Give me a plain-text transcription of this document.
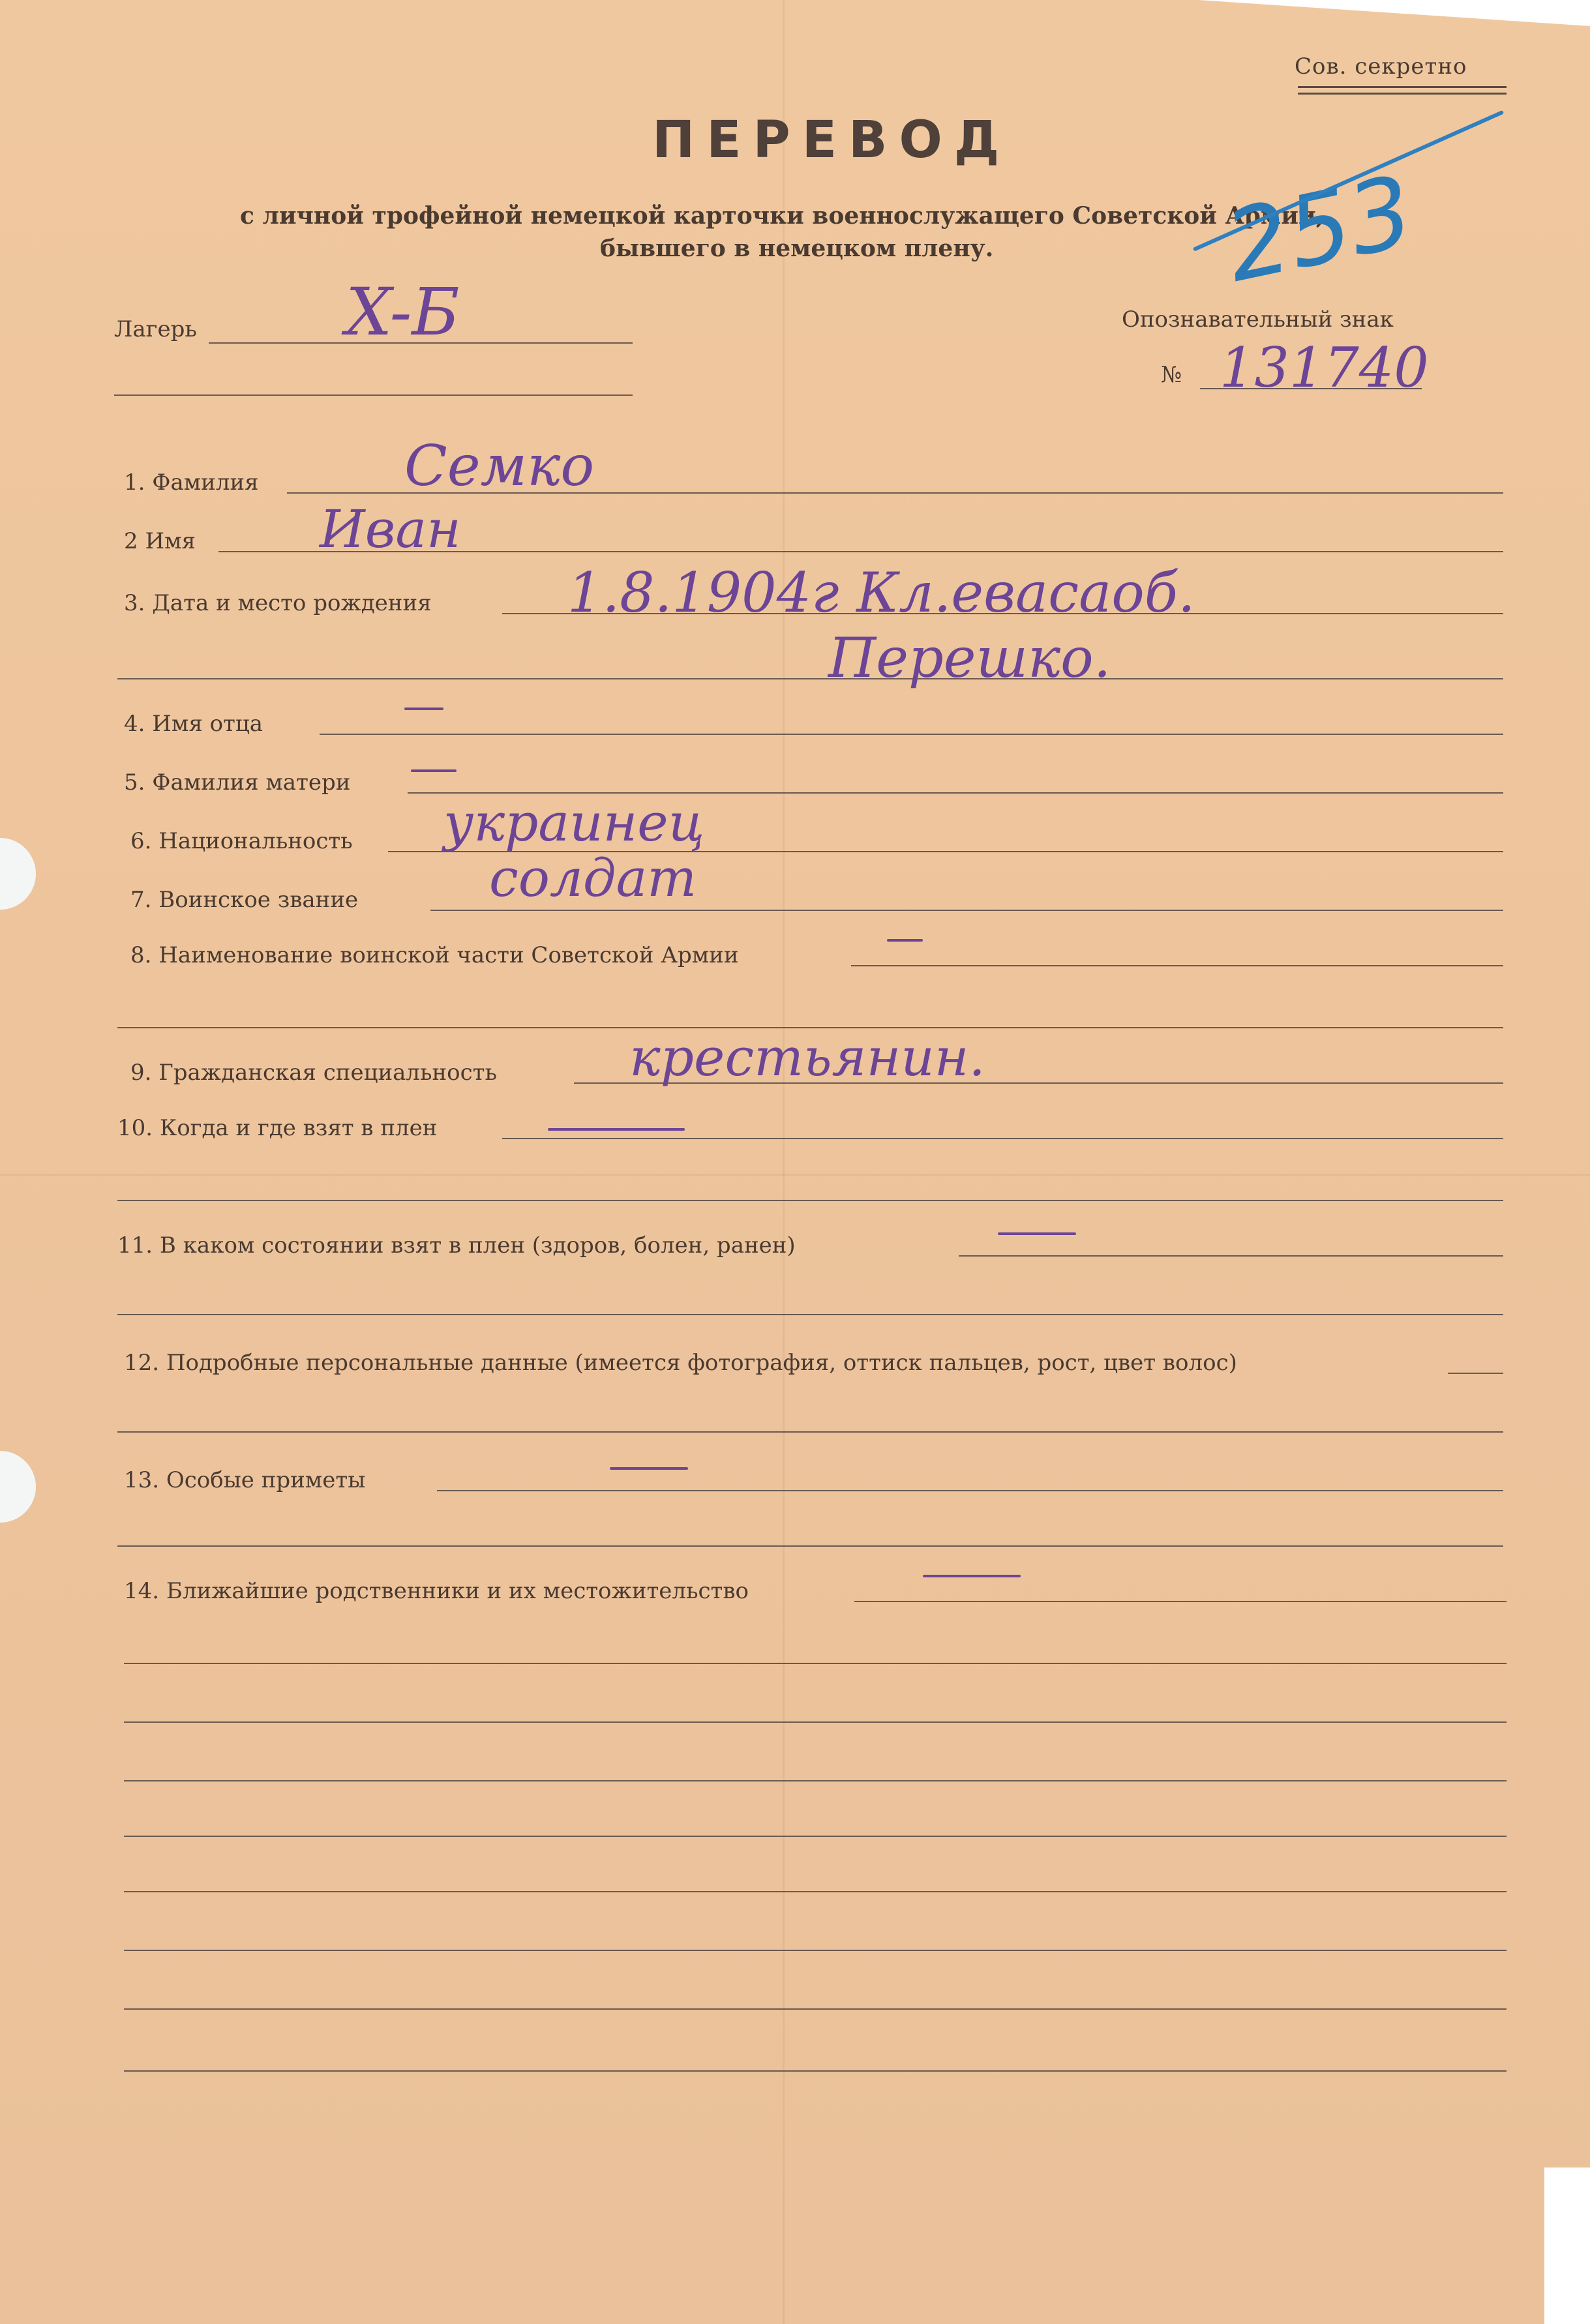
Сов. секретно
ПЕРЕВОД
с личной трофейной немецкой карточки военнослужащего Советской Армии,
бывшего в немецком плену. 253
Лагерь X-Б	Опознавательный знак
№ 131740
1. Фамилия	Семко
2 Имя Иван
3. Дата и место рождения 1.8.1904г Кл.евасаоб.
Перешко.
4. Имя отца
5. Фамилия матери
6. Национальность украинец
7. Воинское звание	солдат
8. Наименование воинской части Советской Армии
9. Гражданская специальность	крестьянин.
10. Когда и где взят в плен
11. В каком состоянии взят в плен (здоров, болен, ранен)
12. Подробные персональные данные (имеется фотография, оттиск пальцев, рост, цвет волос)
13. Особые приметы
14. Ближайшие родственники и их местожительство
